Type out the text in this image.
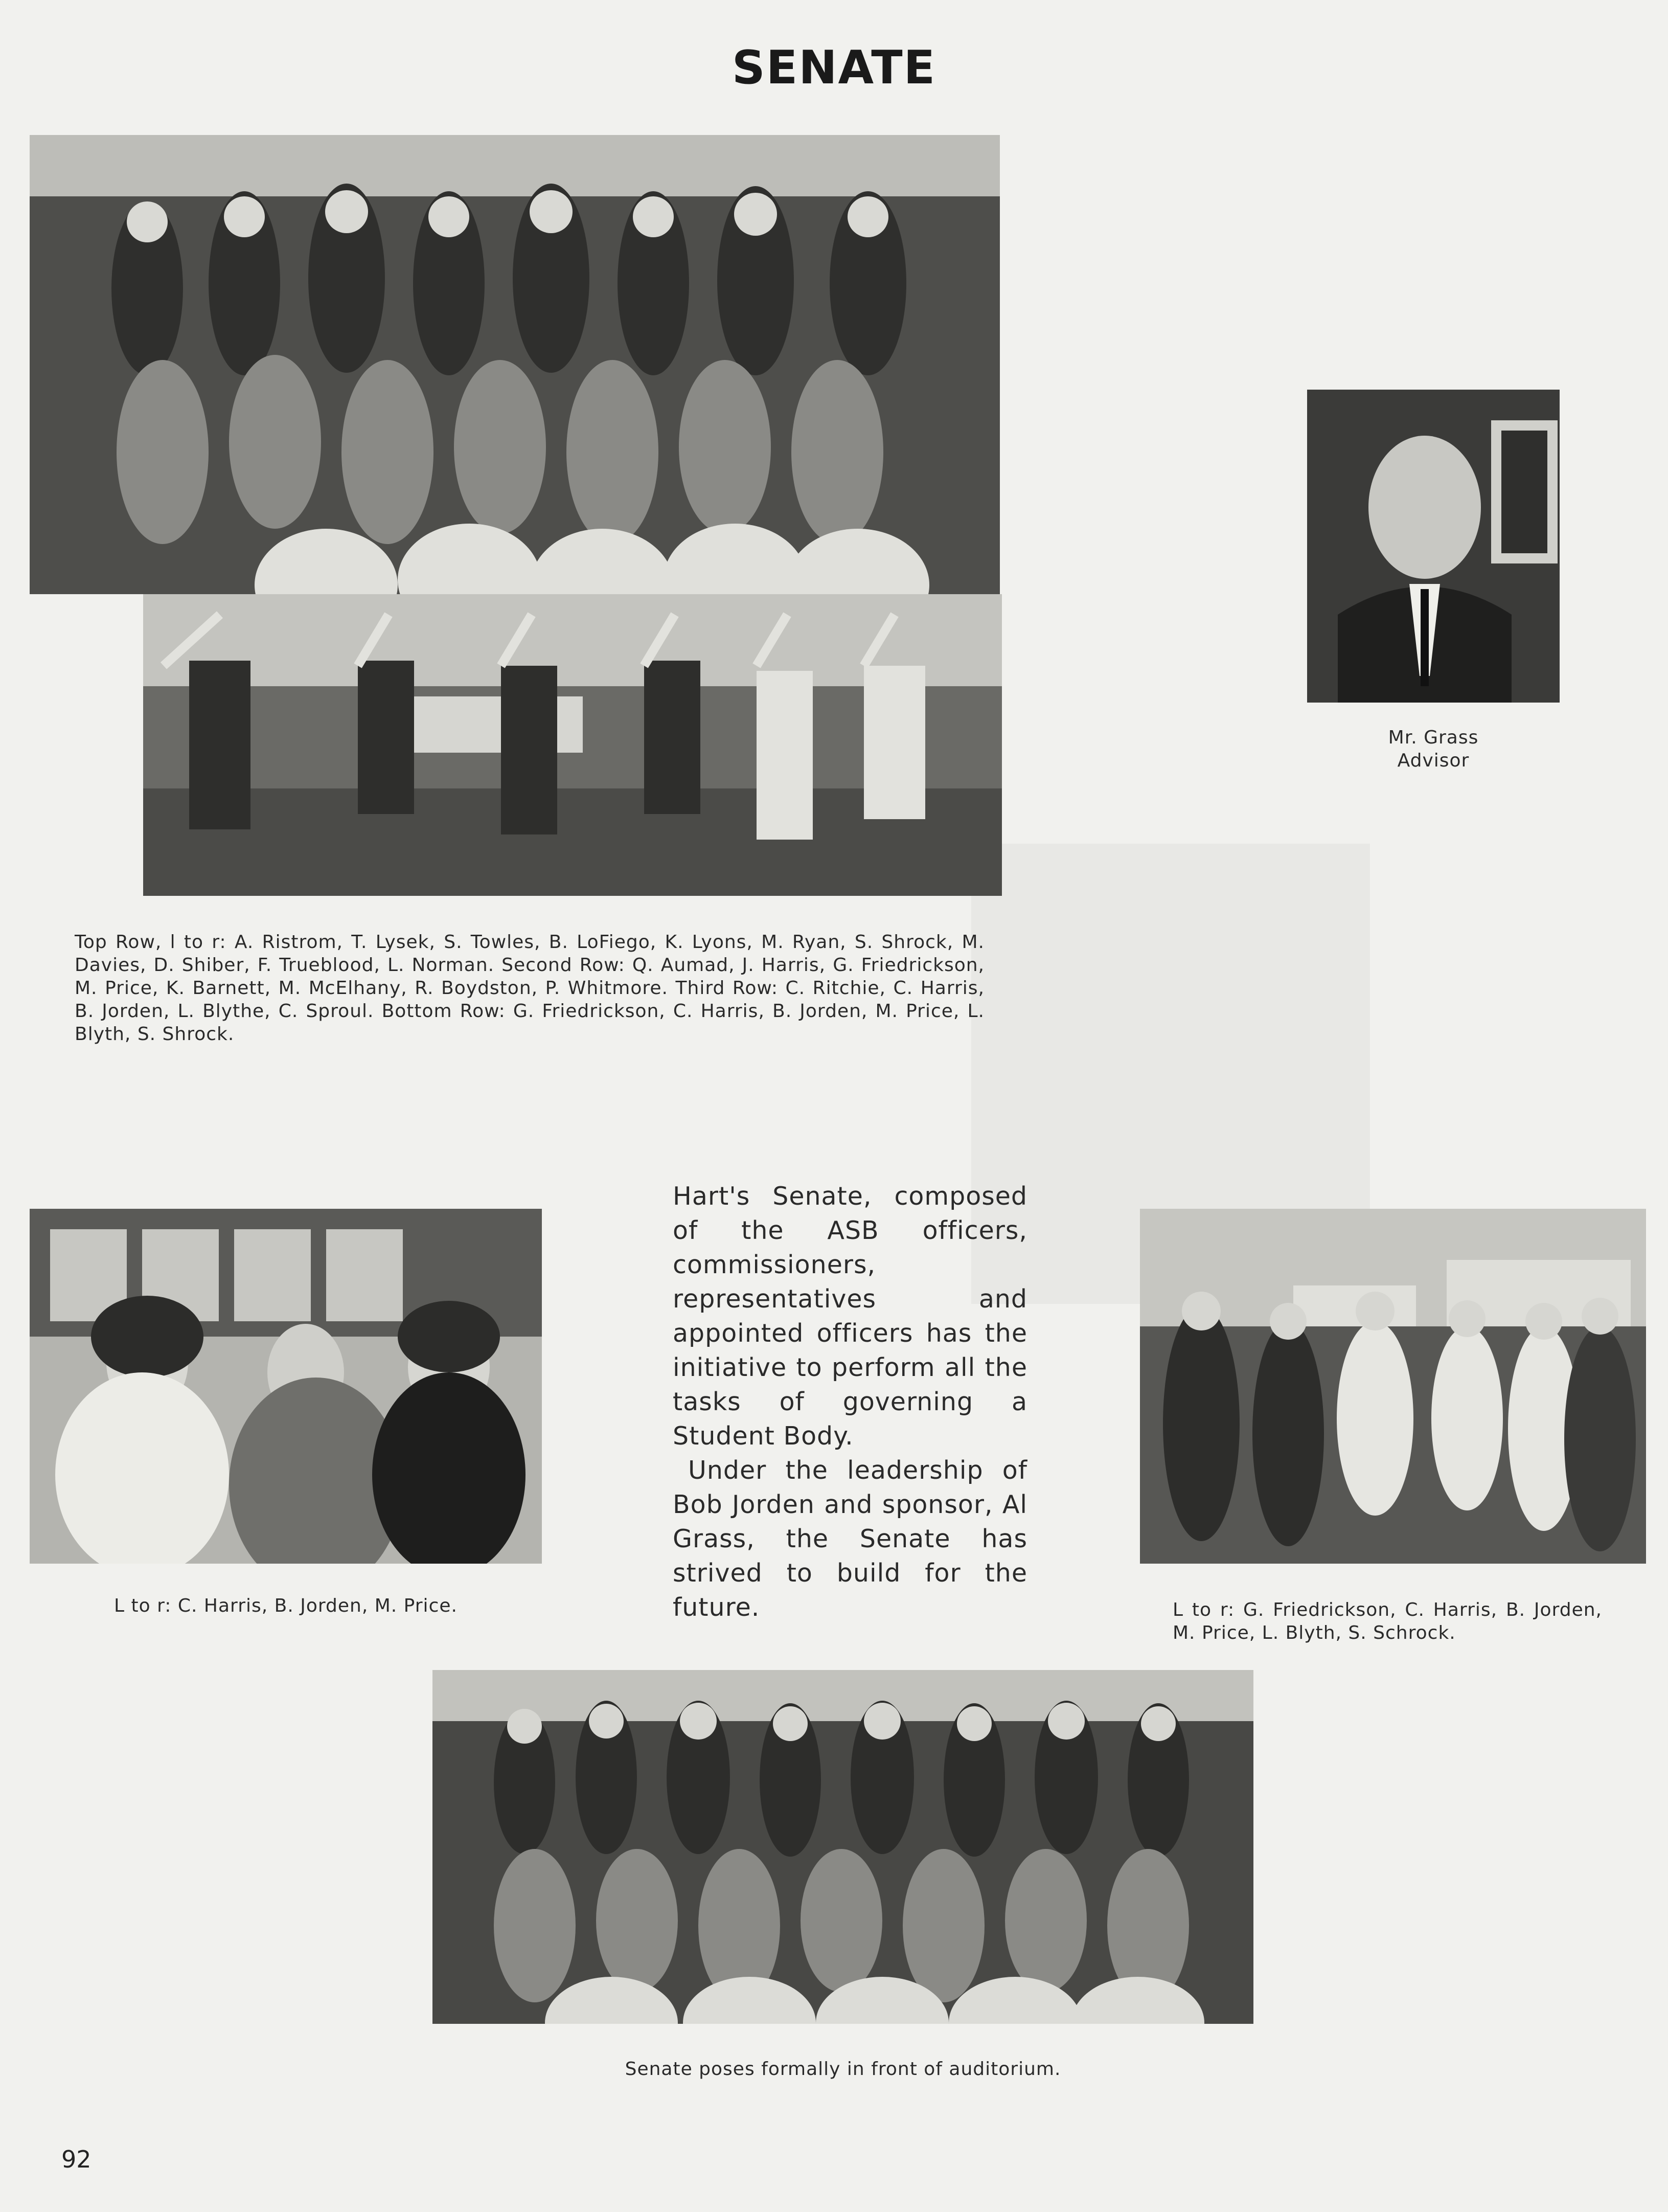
SENATE
Mr. Grass
Advisor
Top Row, l to r: A. Ristrom, T. Lysek, S. Towles, B. LoFiego, K. Lyons, M. Ryan, S. Shrock, M. Davies, D. Shiber, F. Trueblood, L. Norman. Second Row: Q. Aumad, J. Harris, G. Friedrickson, M. Price, K. Barnett, M. McElhany, R. Boydston, P. Whitmore. Third Row: C. Ritchie, C. Harris, B. Jorden, L. Blythe, C. Sproul. Bottom Row: G. Friedrickson, C. Harris, B. Jorden, M. Price, L. Blyth, S. Shrock.
L to r: C. Harris, B. Jorden, M. Price.

Hart's Senate, composed of the ASB officers, commissioners, representatives and appointed officers has the initiative to perform all the tasks of governing a Student Body.

Under the leadership of Bob Jorden and sponsor, Al Grass, the Senate has strived to build for the future.	L to r: G. Friedrickson, C. Harris, B. Jorden, M. Price, L. Blyth, S. Schrock.
Senate poses formally in front of auditorium.
92
